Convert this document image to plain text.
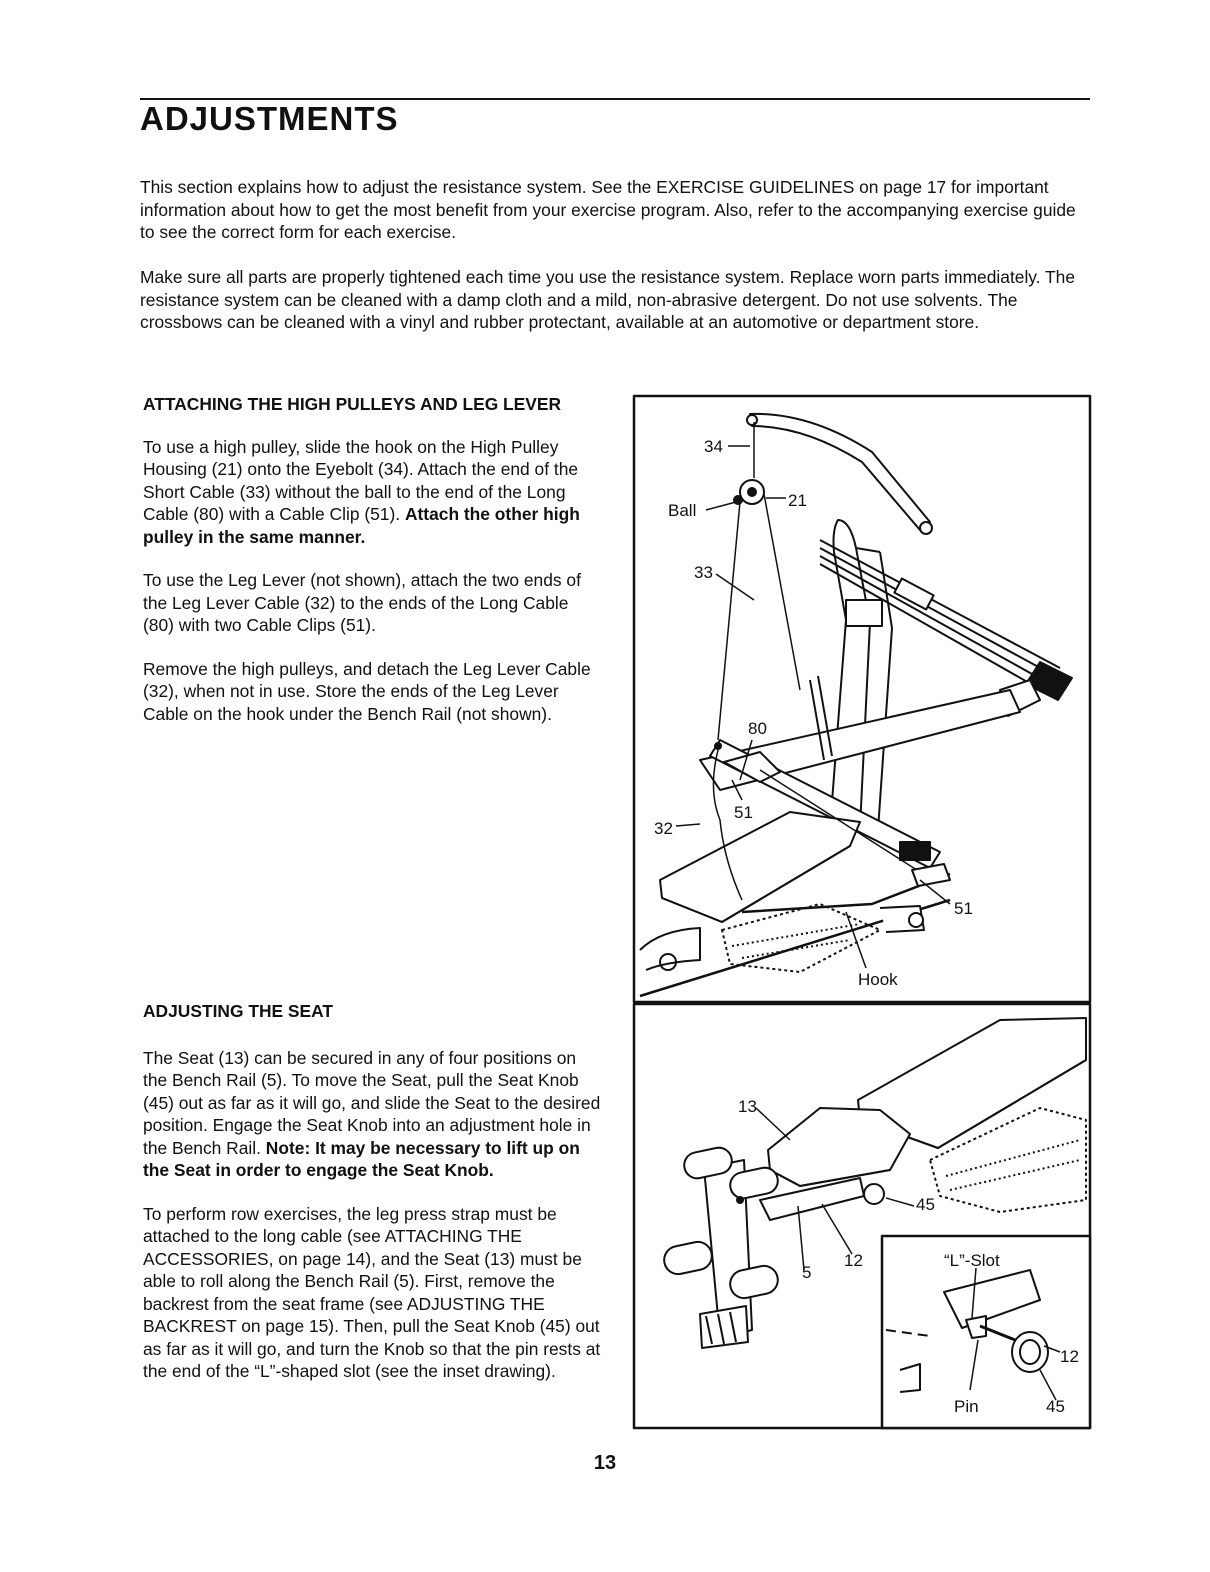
ADJUSTMENTS

This section explains how to adjust the resistance system. See the EXERCISE GUIDELINES on page 17 for important information about how to get the most benefit from your exercise program. Also, refer to the accompanying exercise guide to see the correct form for each exercise.

Make sure all parts are properly tightened each time you use the resistance system. Replace worn parts immediately. The resistance system can be cleaned with a damp cloth and a mild, non-abrasive detergent. Do not use solvents. The crossbows can be cleaned with a vinyl and rubber protectant, available at an automotive or department store.

ATTACHING THE HIGH PULLEYS AND LEG LEVER

To use a high pulley, slide the hook on the High Pulley Housing (21) onto the Eyebolt (34). Attach the end of the Short Cable (33) without the ball to the end of the Long Cable (80) with a Cable Clip (51). Attach the other high pulley in the same manner.

To use the Leg Lever (not shown), attach the two ends of the Leg Lever Cable (32) to the ends of the Long Cable (80) with two Cable Clips (51).

Remove the high pulleys, and detach the Leg Lever Cable (32), when not in use. Store the ends of the Leg Lever Cable on the hook under the Bench Rail (not shown).

ADJUSTING THE SEAT

The Seat (13) can be secured in any of four positions on the Bench Rail (5). To move the Seat, pull the Seat Knob (45) out as far as it will go, and slide the Seat to the desired position. Engage the Seat Knob into an adjustment hole in the Bench Rail. Note: It may be necessary to lift up on the Seat in order to engage the Seat Knob.

To perform row exercises, the leg press strap must be attached to the long cable (see ATTACHING THE ACCESSORIES, on page 14), and the Seat (13) must be able to roll along the Bench Rail (5). First, remove the backrest from the seat frame (see ADJUSTING THE BACKREST on page 15). Then, pull the Seat Knob (45) out as far as it will go, and turn the Knob so that the pin rests at the end of the “L”-shaped slot (see the inset drawing).

34
Ball
21
33
80
51
32
51
Hook
13
45
5
12	“L”-Slot
12
Pin	45
13
